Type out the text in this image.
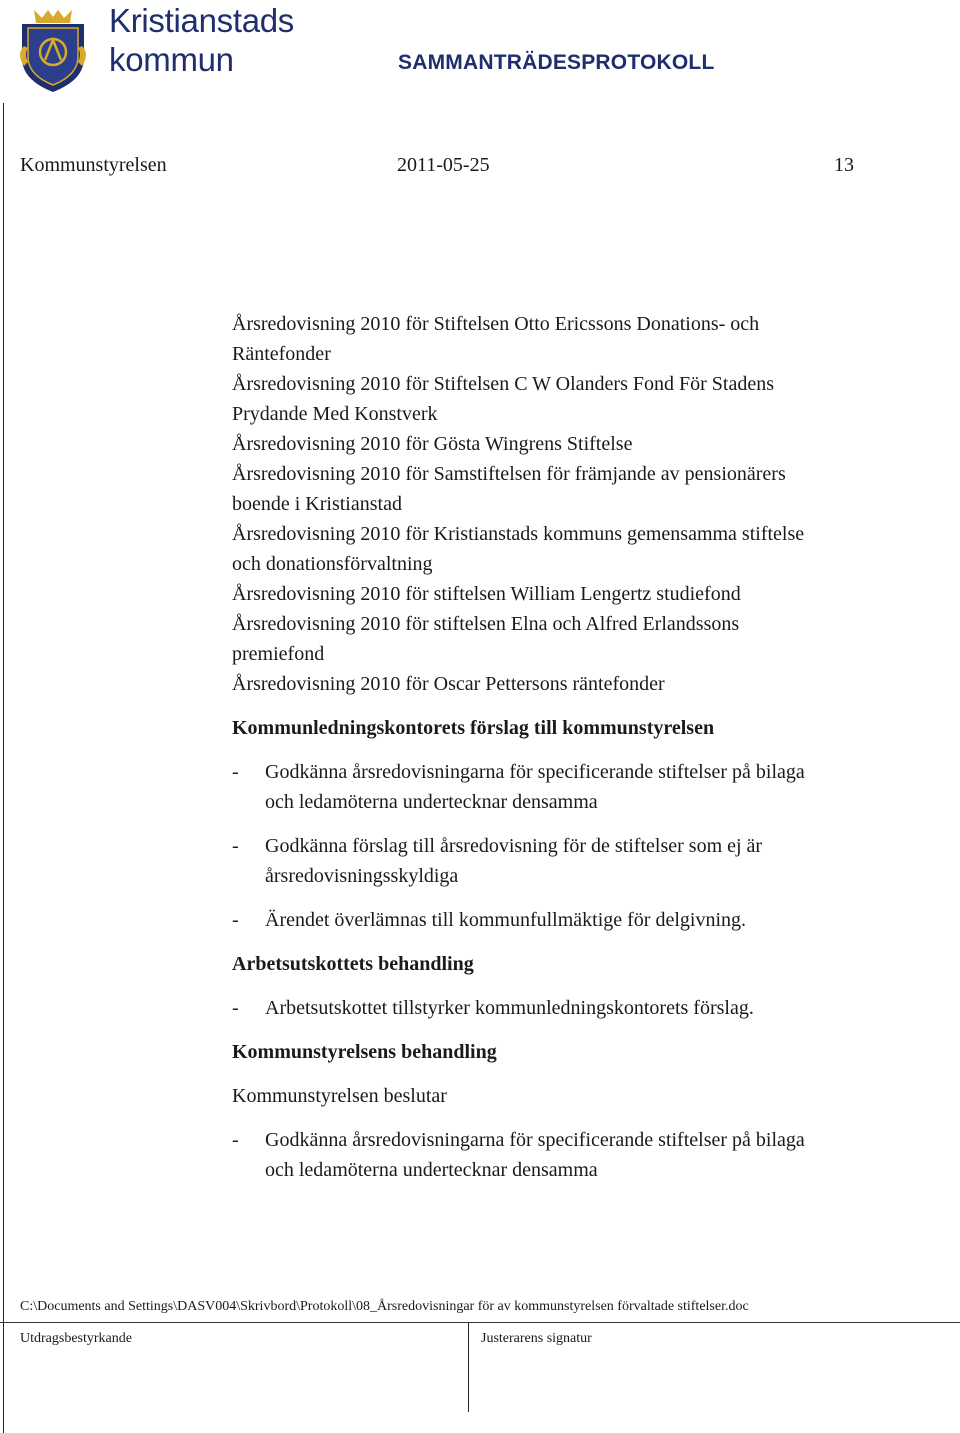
Kristianstads
kommun	SAMMANTRÄDESPROTOKOLL
Kommunstyrelsen	2011-05-25	13
Årsredovisning 2010 för Stiftelsen Otto Ericssons Donations- och
Räntefonder
Årsredovisning 2010 för Stiftelsen C W Olanders Fond För Stadens
Prydande Med Konstverk
Årsredovisning 2010 för Gösta Wingrens Stiftelse
Årsredovisning 2010 för Samstiftelsen för främjande av pensionärers
boende i Kristianstad
Årsredovisning 2010 för Kristianstads kommuns gemensamma stiftelse
och donationsförvaltning
Årsredovisning 2010 för stiftelsen William Lengertz studiefond
Årsredovisning 2010 för stiftelsen Elna och Alfred Erlandssons
premiefond
Årsredovisning 2010 för Oscar Pettersons räntefonder
Kommunledningskontorets förslag till kommunstyrelsen
- Godkänna årsredovisningarna för specificerande stiftelser på bilaga
och ledamöterna undertecknar densamma
- Godkänna förslag till årsredovisning för de stiftelser som ej är
årsredovisningsskyldiga
- Ärendet överlämnas till kommunfullmäktige för delgivning.
Arbetsutskottets behandling
- Arbetsutskottet tillstyrker kommunledningskontorets förslag.
Kommunstyrelsens behandling
Kommunstyrelsen beslutar
- Godkänna årsredovisningarna för specificerande stiftelser på bilaga
och ledamöterna undertecknar densamma
C:\Documents and Settings\DASV004\Skrivbord\Protokoll\08_Årsredovisningar för av kommunstyrelsen förvaltade stiftelser.doc
Utdragsbestyrkande	Justerarens signatur
